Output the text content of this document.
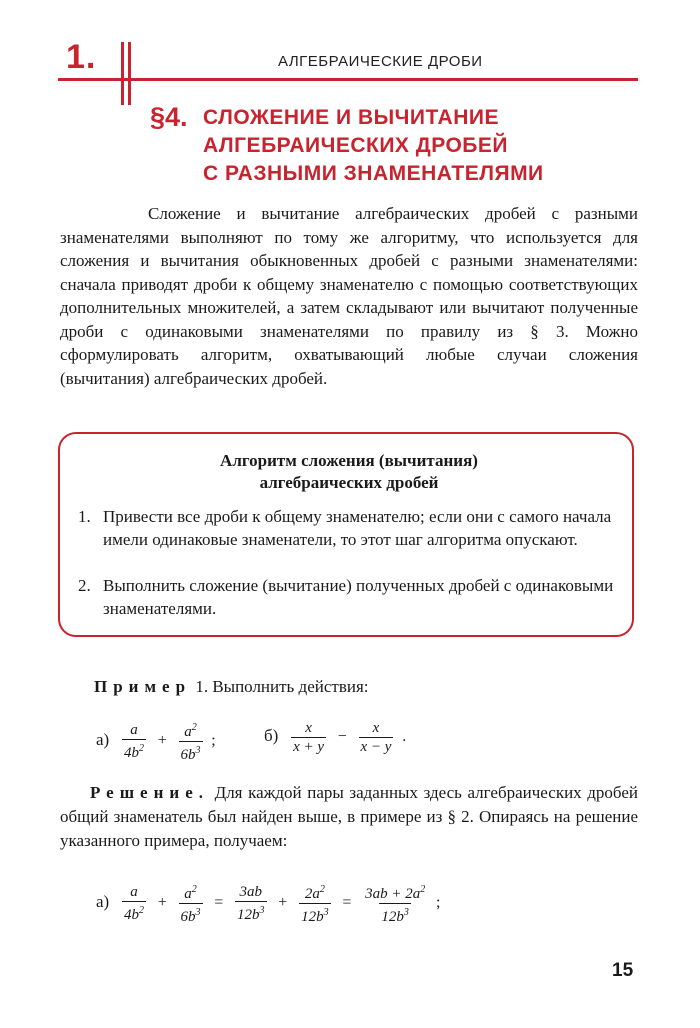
1.	АЛГЕБРАИЧЕСКИЕ ДРОБИ
§4. СЛОЖЕНИЕ И ВЫЧИТАНИЕ
АЛГЕБРАИЧЕСКИХ ДРОБЕЙ
С РАЗНЫМИ ЗНАМЕНАТЕЛЯМИ

Сложение и вычитание алгебраических дробей с разными знаменателями выполняют по тому же алгоритму, что используется для сложения и вычитания обыкновенных дробей с разными знаменателями: сначала приводят дроби к общему знаменателю с помощью соответствующих дополнительных множителей, а затем складывают или вычитают полученные дроби с одинаковыми знаменателями по правилу из § 3. Можно сформулировать алгоритм, охватывающий любые случаи сложения (вычитания) алгебраических дробей.

Алгоритм сложения (вычитания)
алгебраических дробей
1. Привести все дроби к общему знаменателю; если они с самого начала имели одинаковые знаменатели, то этот шаг алгоритма опускают.
2. Выполнить сложение (вычитание) полученных дробей с одинаковыми знаменателями.
Пример 1. Выполнить действия:
$а) \frac{a}{4b^2} + \frac{a^2}{6b^3}$ ;	$б) \frac{x}{x + y} - \frac{x}{x - y}$ .

Решение. Для каждой пары заданных здесь алгебраических дробей общий знаменатель был найден выше, в примере из § 2. Опираясь на решение указанного примера, получаем:

$а) \frac{a}{4b^2} + \frac{a^2}{6b^3} = \frac{3ab}{12b^3} + \frac{2a^2}{12b^3} = \frac{3ab + 2a^2}{12b^3}$ ;
15
